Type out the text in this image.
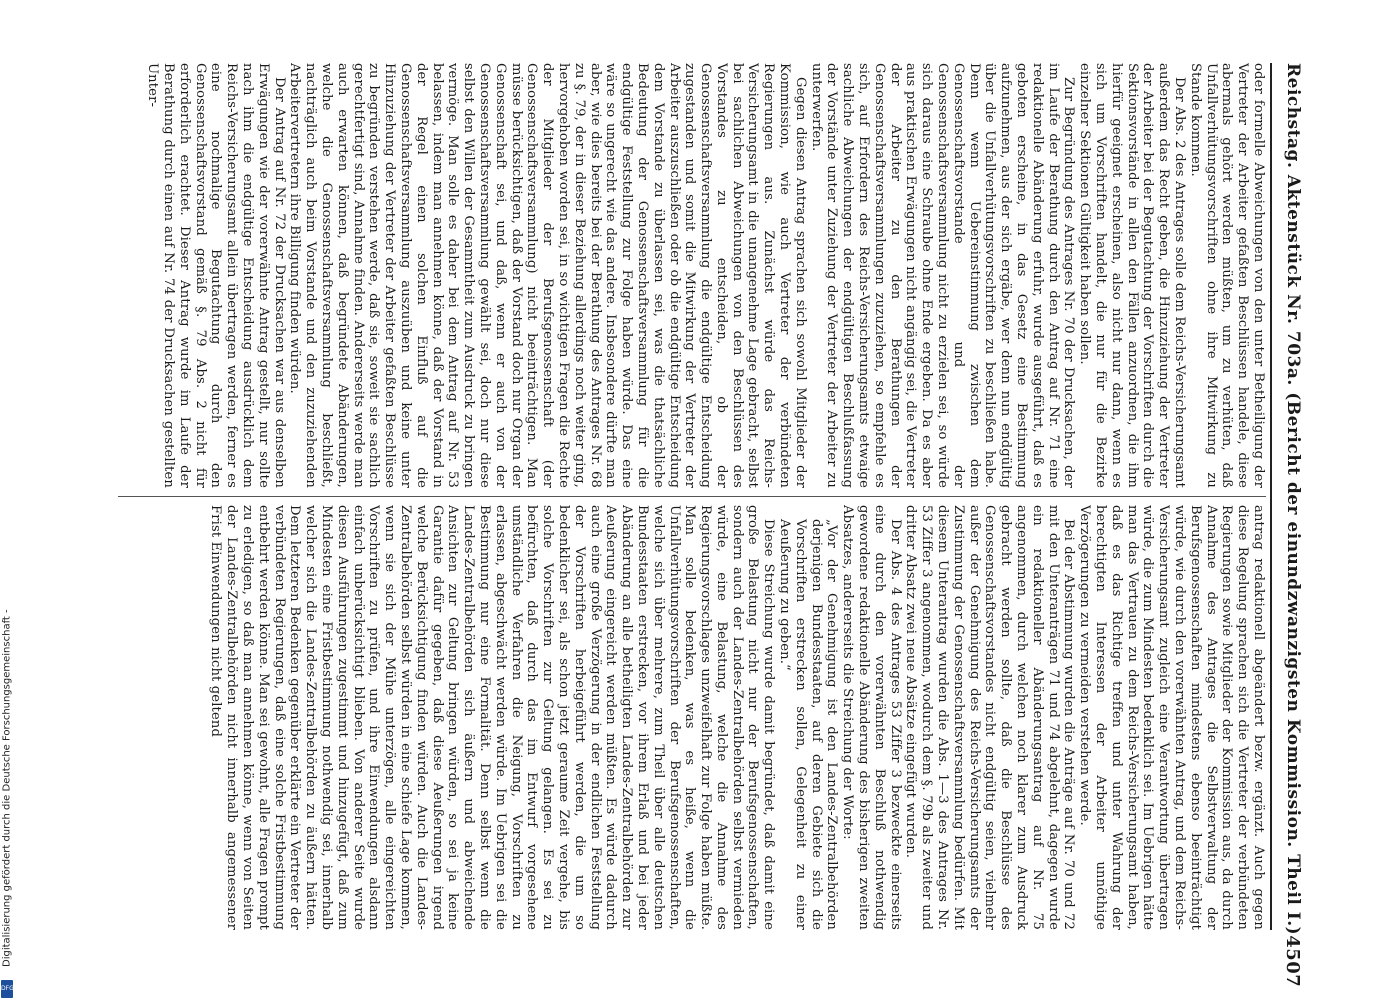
Digitalisierung gefördert durch die Deutsche Forschungsgemeinschaft -
DFG
Reichstag. Aktenstück Nr. 703a. (Bericht der einundzwanzigsten Kommission. Theil I.)
4507

oder formelle Abweichungen von den unter Betheiligung der Vertreter der Arbeiter gefaßten Beschlüssen handele, diese abermals gehört werden müßten, um zu verhüten, daß Unfallverhütungsvorschriften ohne ihre Mitwirkung zu Stande kommen.

Der Abs. 2 des Antrages solle dem Reichs-Versicherungsamt außerdem das Recht geben, die Hinzuziehung der Vertreter der Arbeiter bei der Begutachtung der Vorschriften durch die Sektionsvorstände in allen den Fällen anzuordnen, die ihm hierfür geeignet erscheinen, also nicht nur dann, wenn es sich um Vorschriften handelt, die nur für die Bezirke einzelner Sektionen Gültigkeit haben sollen.

Zur Begründung des Antrages Nr. 70 der Drucksachen, der im Laufe der Berathung durch den Antrag auf Nr. 71 eine redaktionelle Abänderung erfuhr, wurde ausgeführt, daß es geboten erscheine, in das Gesetz eine Bestimmung aufzunehmen, aus der sich ergäbe, wer denn nun endgültig über die Unfallverhütungsvorschriften zu beschließen habe. Denn wenn Uebereinstimmung zwischen dem Genossenschaftsvorstande und der Genossenschaftsversammlung nicht zu erzielen sei, so würde sich daraus eine Schraube ohne Ende ergeben. Da es aber aus praktischen Erwägungen nicht angängig sei, die Vertreter der Arbeiter zu den Berathungen der Genossenschaftsversammlungen zuzuziehen, so empfehle es sich, auf Erfordern des Reichs-Versicherungsamts etwaige sachliche Abweichungen der endgültigen Beschlußfassung der Vorstände unter Zuziehung der Vertreter der Arbeiter zu unterwerfen.

Gegen diesen Antrag sprachen sich sowohl Mitglieder der Kommission, wie auch Vertreter der verbündeten Regierungen aus. Zunächst würde das Reichs-Versicherungsamt in die unangenehme Lage gebracht, selbst bei sachlichen Abweichungen von den Beschlüssen des Vorstandes zu entscheiden, ob der Genossenschaftsversammlung die endgültige Entscheidung zugestanden und somit die Mitwirkung der Vertreter der Arbeiter auszuschließen oder ob die endgültige Entscheidung dem Vorstande zu überlassen sei, was die thatsächliche Bedeutung der Genossenschaftsversammlung für die endgültige Feststellung zur Folge haben würde. Das eine wäre so ungerecht wie das andere. Insbesondere dürfte man aber, wie dies bereits bei der Berathung des Antrages Nr. 68 zu §. 79, der in dieser Beziehung allerdings noch weiter ging, hervorgehoben worden sei, in so wichtigen Fragen die Rechte der Mitglieder der Berufsgenossenschaft (der Genossenschaftsversammlung) nicht beeinträchtigen. Man müsse berücksichtigen, daß der Vorstand doch nur Organ der Genossenschaft sei, und daß, wenn er auch von der Genossenschaftsversammlung gewählt sei, doch nur diese selbst den Willen der Gesammtheit zum Ausdruck zu bringen vermöge. Man solle es daher bei dem Antrag auf Nr. 53 belassen, indem man annehmen könne, daß der Vorstand in der Regel einen solchen Einfluß auf die Genossenschaftsversammlung auszuüben und keine unter Hinzuziehung der Vertreter der Arbeiter gefaßten Beschlüsse zu begründen verstehen werde, daß sie, soweit sie sachlich gerechtfertigt sind, Annahme finden. Andererseits werde man auch erwarten können, daß begründete Abänderungen, welche die Genossenschaftsversammlung beschließt, nachträglich auch beim Vorstande und den zuzuziehenden Arbeitervertretern ihre Billigung finden würden.

Der Antrag auf Nr. 72 der Drucksachen war aus denselben Erwägungen wie der vorerwähnte Antrag gestellt, nur sollte nach ihm die endgültige Entscheidung ausdrücklich dem Reichs-Versicherungsamt allein übertragen werden, ferner es eine nochmalige Begutachtung durch den Genossenschaftsvorstand gemäß §. 79 Abs. 2 nicht für erforderlich erachtet. Dieser Antrag wurde im Laufe der Berathung durch einen auf Nr. 74 der Drucksachen gestellten Unter-

antrag redaktionell abgeändert bezw. ergänzt. Auch gegen diese Regelung sprachen sich die Vertreter der verbündeten Regierungen sowie Mitglieder der Kommission aus, da durch Annahme des Antrages die Selbstverwaltung der Berufsgenossenschaften mindestens ebenso beeinträchtigt würde, wie durch den vorerwähnten Antrag, und dem Reichs-Versicherungsamt zugleich eine Verantwortung übertragen würde, die zum Mindesten bedenklich sei. Im Uebrigen hätte man das Vertrauen zu dem Reichs-Versicherungsamt haben, daß es das Richtige treffen und unter Wahrung der berechtigten Interessen der Arbeiter unnöthige Verzögerungen zu vermeiden verstehen werde.

Bei der Abstimmung wurden die Anträge auf Nr. 70 und 72 mit den Unteranträgen 71 und 74 abgelehnt, dagegen wurde ein redaktioneller Abänderungsantrag auf Nr. 75 angenommen, durch welchen noch klarer zum Ausdruck gebracht werden sollte, daß die Beschlüsse des Genossenschaftsvorstandes nicht endgültig seien, vielmehr außer der Genehmigung des Reichs-Versicherungsamts der Zustimmung der Genossenschaftsversammlung bedürfen. Mit diesem Unterantrag wurden die Abs. 1—3 des Antrages Nr. 53 Ziffer 3 angenommen, wodurch dem §. 79b als zweiter und dritter Absatz zwei neue Absätze eingefügt wurden.

Der Abs. 4 des Antrages 53 Ziffer 3 bezweckte einerseits eine durch den vorerwähnten Beschluß nothwendig gewordene redaktionelle Abänderung des bisherigen zweiten Absatzes, andererseits die Streichung der Worte:

„Vor der Genehmigung ist den Landes-Zentralbehörden derjenigen Bundesstaaten, auf deren Gebiete sich die Vorschriften erstrecken sollen, Gelegenheit zu einer Aeußerung zu geben.“

Diese Streichung wurde damit begründet, daß damit eine große Belastung nicht nur der Berufsgenossenschaften, sondern auch der Landes-Zentralbehörden selbst vermieden würde, eine Belastung, welche die Annahme des Regierungsvorschlages unzweifelhaft zur Folge haben müßte. Man solle bedenken, was es heiße, wenn die Unfallverhütungsvorschriften der Berufsgenossenschaften, welche sich über mehrere, zum Theil über alle deutschen Bundesstaaten erstrecken, vor ihrem Erlaß und bei jeder Abänderung an alle betheiligten Landes-Zentralbehörden zur Aeußerung eingereicht werden müßten. Es würde dadurch auch eine große Verzögerung in der endlichen Feststellung der Vorschriften herbeigeführt werden, die um so bedenklicher sei, als schon jetzt geraume Zeit vergehe, bis solche Vorschriften zur Geltung gelangen. Es sei zu befürchten, daß durch das im Entwurf vorgesehene umständliche Verfahren die Neigung, Vorschriften zu erlassen, abgeschwächt werden würde. Im Uebrigen sei die Bestimmung nur eine Formalität. Denn selbst wenn die Landes-Zentralbehörden sich äußern und abweichende Ansichten zur Geltung bringen würden, so sei ja keine Garantie dafür gegeben, daß diese Aeußerungen irgend welche Berücksichtigung finden würden. Auch die Landes-Zentralbehörden selbst würden in eine schiefe Lage kommen, wenn sie sich der Mühe unterzögen, alle eingereichten Vorschriften zu prüfen, und ihre Einwendungen alsdann einfach unberücksichtigt blieben. Von anderer Seite wurde diesen Ausführungen zugestimmt und hinzugefügt, daß zum Mindesten eine Fristbestimmung nothwendig sei, innerhalb welcher sich die Landes-Zentralbehörden zu äußern hätten. Dem letzteren Bedenken gegenüber erklärte ein Vertreter der verbündeten Regierungen, daß eine solche Fristbestimmung entbehrt werden könne. Man sei gewohnt, alle Fragen prompt zu erledigen, so daß man annehmen könne, wenn von Seiten der Landes-Zentralbehörden nicht innerhalb angemessener Frist Einwendungen nicht geltend
